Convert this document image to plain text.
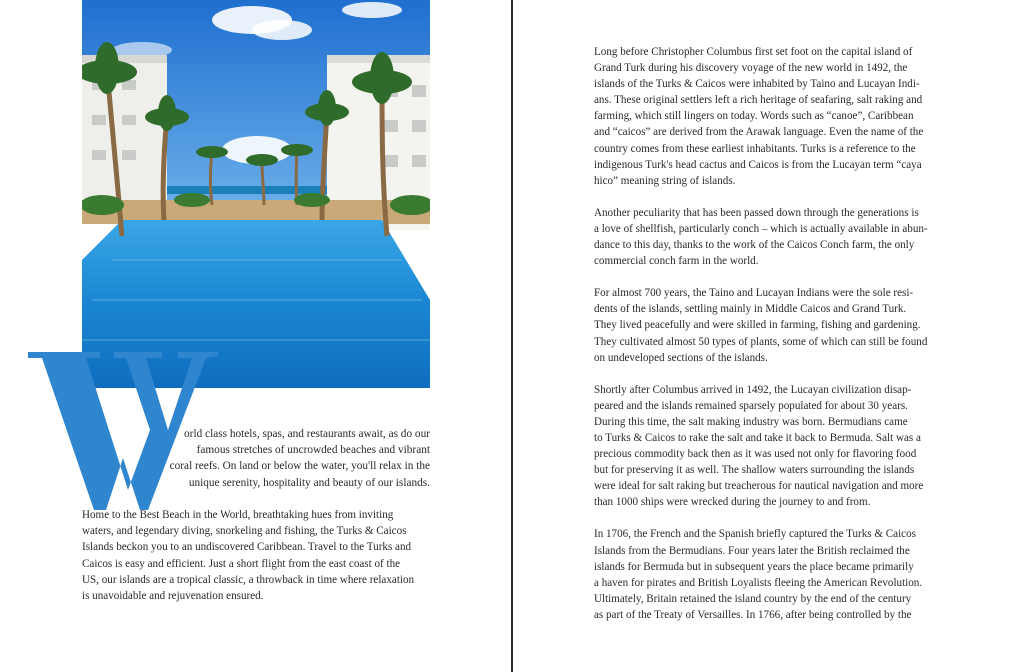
orld class hotels, spas, and restaurants await, as do our

famous stretches of uncrowded beaches and vibrant

coral reefs. On land or below the water, you'll relax in the

unique serenity, hospitality and beauty of our islands.

Home to the Best Beach in the World, breathtaking hues from inviting

waters, and legendary diving, snorkeling and fishing, the Turks & Caicos

Islands beckon you to an undiscovered Caribbean. Travel to the Turks and

Caicos is easy and efficient. Just a short flight from the east coast of the

US, our islands are a tropical classic, a throwback in time where relaxation

is unavoidable and rejuvenation ensured.

Long before Christopher Columbus first set foot on the capital island of
Grand Turk during his discovery voyage of the new world in 1492, the
islands of the Turks & Caicos were inhabited by Taino and Lucayan Indi-
ans. These original settlers left a rich heritage of seafaring, salt raking and
farming, which still lingers on today. Words such as “canoe”, Caribbean
and “caicos” are derived from the Arawak language. Even the name of the
country comes from these earliest inhabitants. Turks is a reference to the
indigenous Turk's head cactus and Caicos is from the Lucayan term “caya
hico” meaning string of islands.

Another peculiarity that has been passed down through the generations is
a love of shellfish, particularly conch – which is actually available in abun-
dance to this day, thanks to the work of the Caicos Conch farm, the only
commercial conch farm in the world.

For almost 700 years, the Taino and Lucayan Indians were the sole resi-
dents of the islands, settling mainly in Middle Caicos and Grand Turk.
They lived peacefully and were skilled in farming, fishing and gardening.
They cultivated almost 50 types of plants, some of which can still be found
on undeveloped sections of the islands.

Shortly after Columbus arrived in 1492, the Lucayan civilization disap-
peared and the islands remained sparsely populated for about 30 years.
During this time, the salt making industry was born. Bermudians came
to Turks & Caicos to rake the salt and take it back to Bermuda. Salt was a
precious commodity back then as it was used not only for flavoring food
but for preserving it as well. The shallow waters surrounding the islands
were ideal for salt raking but treacherous for nautical navigation and more
than 1000 ships were wrecked during the journey to and from.

In 1706, the French and the Spanish briefly captured the Turks & Caicos
Islands from the Bermudians. Four years later the British reclaimed the
islands for Bermuda but in subsequent years the place became primarily
a haven for pirates and British Loyalists fleeing the American Revolution.
Ultimately, Britain retained the island country by the end of the century
as part of the Treaty of Versailles. In 1766, after being controlled by the
